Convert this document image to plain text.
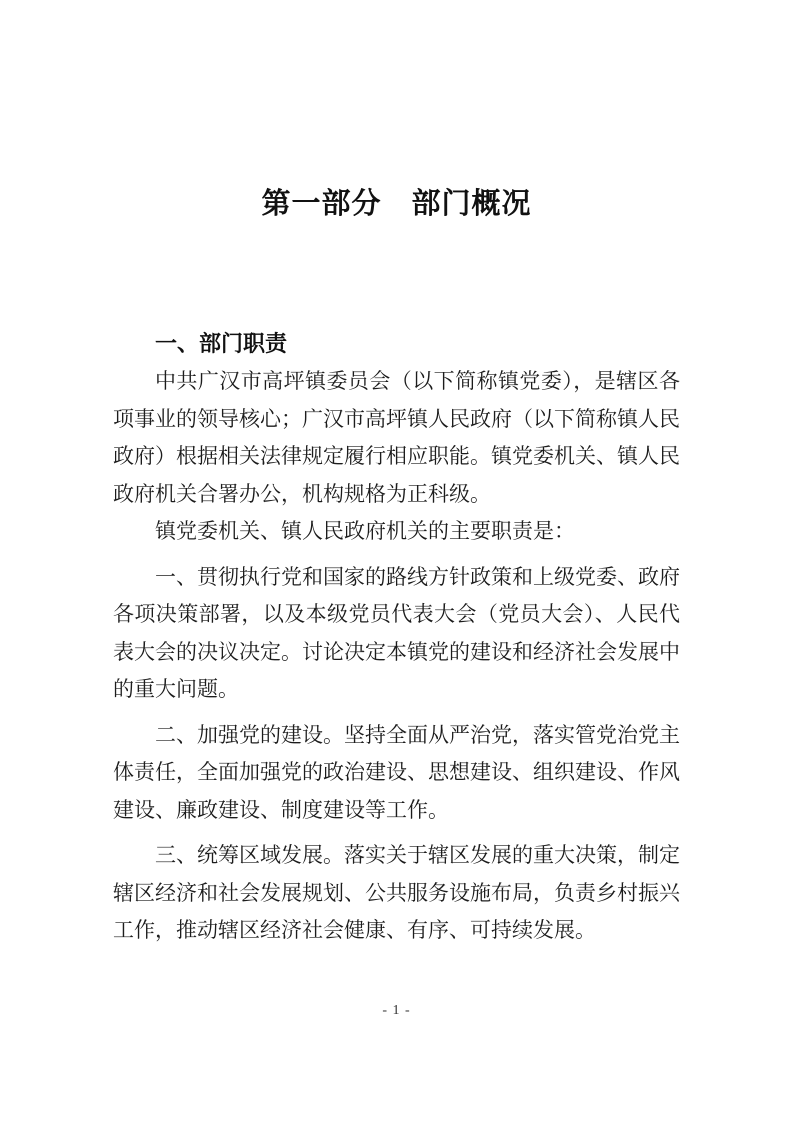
第一部分　部门概况
一、部门职责

中共广汉市高坪镇委员会（以下简称镇党委），是辖区各项事业的领导核心；广汉市高坪镇人民政府（以下简称镇人民政府）根据相关法律规定履行相应职能。镇党委机关、镇人民政府机关合署办公，机构规格为正科级。

镇党委机关、镇人民政府机关的主要职责是：

一、贯彻执行党和国家的路线方针政策和上级党委、政府各项决策部署，以及本级党员代表大会（党员大会）、人民代表大会的决议决定。讨论决定本镇党的建设和经济社会发展中的重大问题。

二、加强党的建设。坚持全面从严治党，落实管党治党主体责任，全面加强党的政治建设、思想建设、组织建设、作风建设、廉政建设、制度建设等工作。

三、统筹区域发展。落实关于辖区发展的重大决策，制定辖区经济和社会发展规划、公共服务设施布局，负责乡村振兴工作，推动辖区经济社会健康、有序、可持续发展。

- 1 -
